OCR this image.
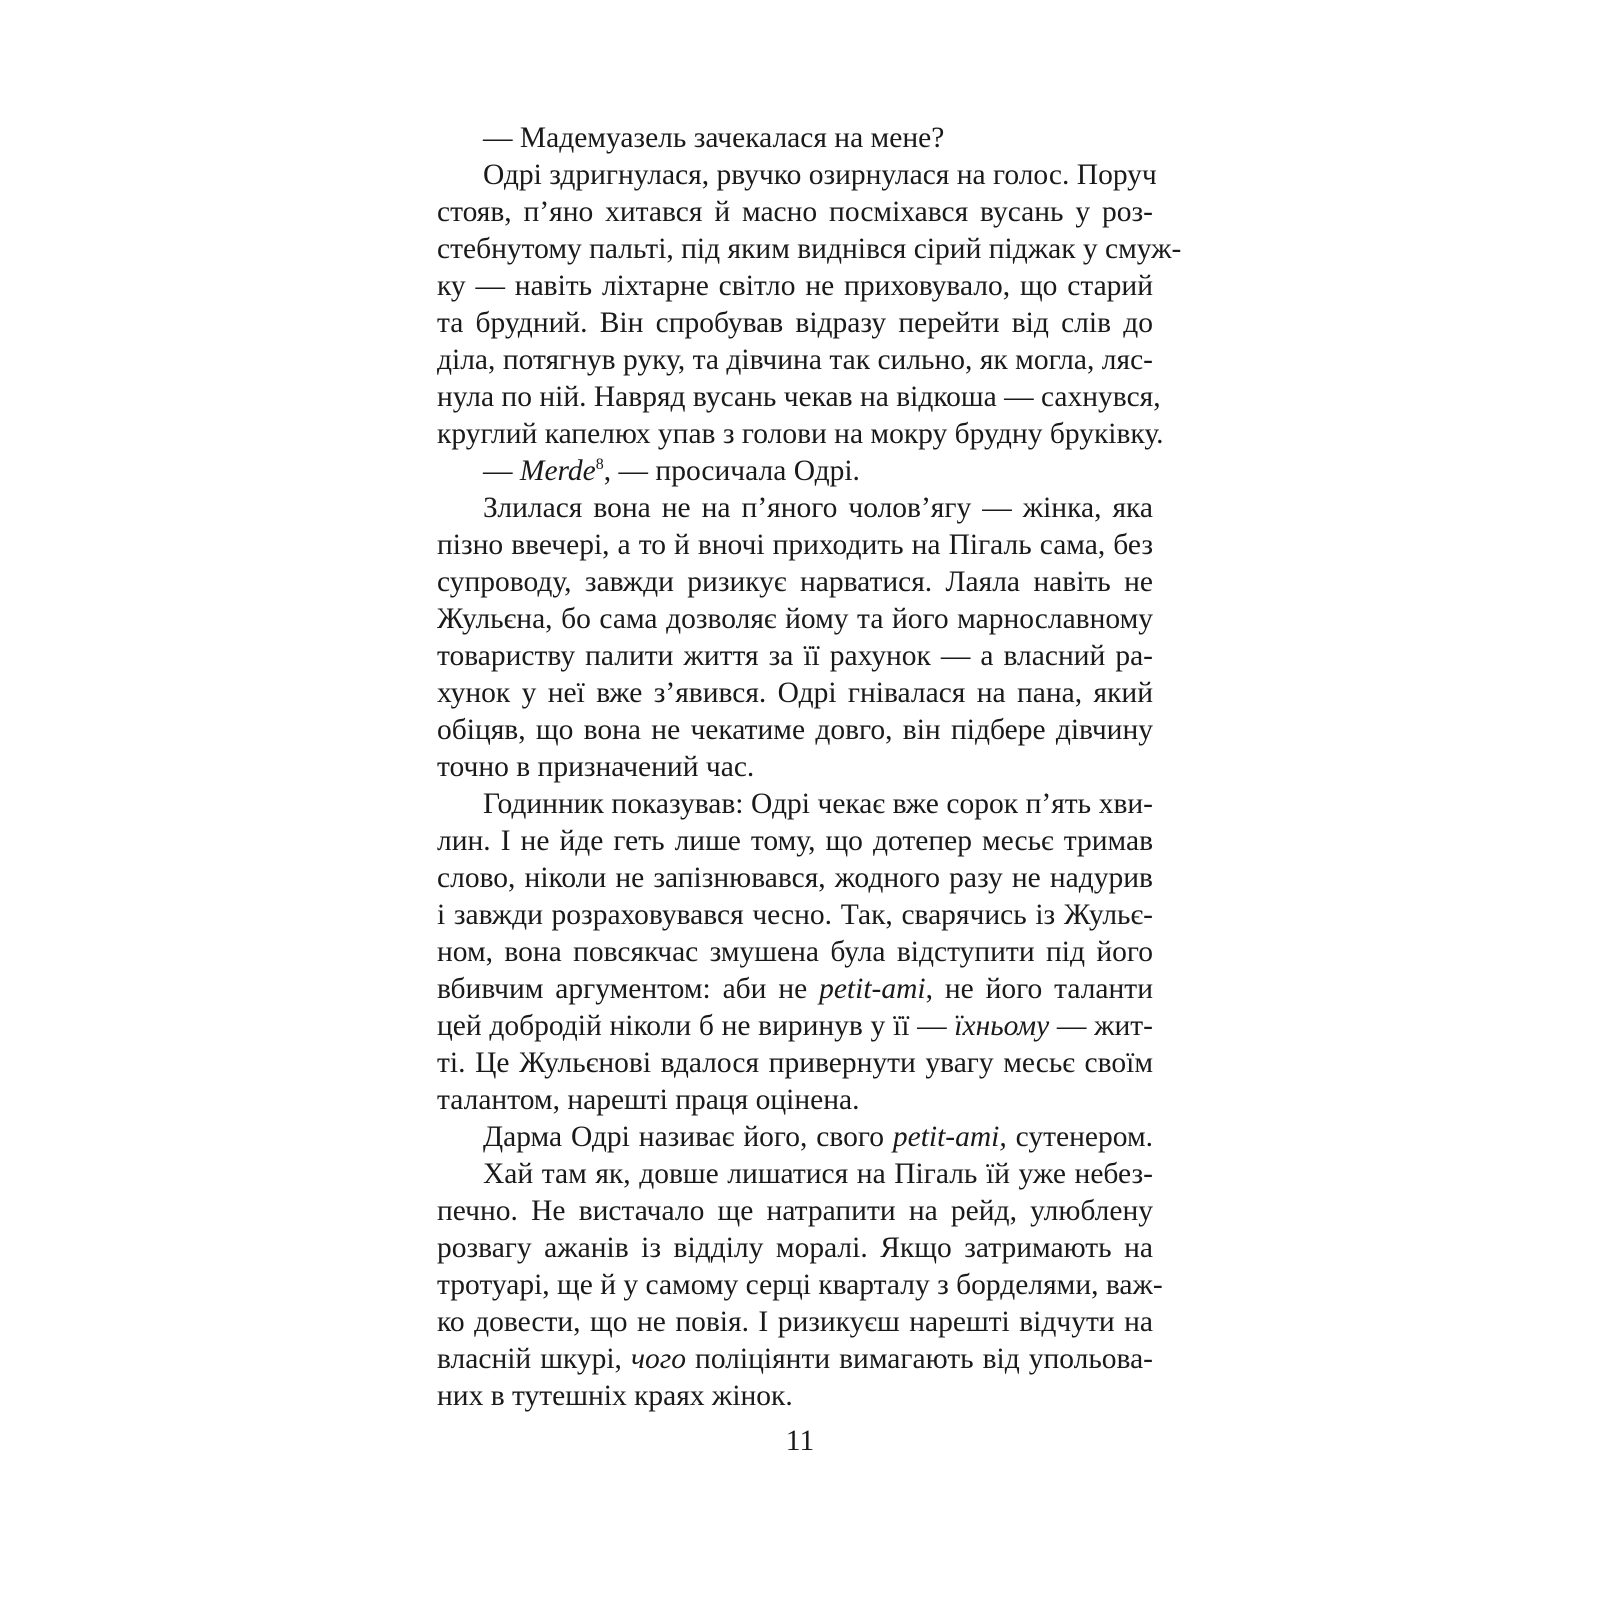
— Мадемуазель зачекалася на мене?
Одрі здригнулася, рвучко озирнулася на голос. Поруч
стояв, п’яно хитався й масно посміхався вусань у роз-
стебнутому пальті, під яким виднівся сірий піджак у смуж-
ку — навіть ліхтарне світло не приховувало, що старий
та брудний. Він спробував відразу перейти від слів до
діла, потягнув руку, та дівчина так сильно, як могла, ляс-
нула по ній. Навряд вусань чекав на відкоша — сахнувся,
круглий капелюх упав з голови на мокру брудну бруківку.
— Merde$^8$, — просичала Одрі.
Злилася вона не на п’яного чолов’ягу — жінка, яка
пізно ввечері, а то й вночі приходить на Пігаль сама, без
супроводу, завжди ризикує нарватися. Лаяла навіть не
Жульєна, бо сама дозволяє йому та його марнославному
товариству палити життя за її рахунок — а власний ра-
хунок у неї вже з’явився. Одрі гнівалася на пана, який
обіцяв, що вона не чекатиме довго, він підбере дівчину
точно в призначений час.
Годинник показував: Одрі чекає вже сорок п’ять хви-
лин. І не йде геть лише тому, що дотепер месьє тримав
слово, ніколи не запізнювався, жодного разу не надурив
і завжди розраховувався чесно. Так, сварячись із Жульє-
ном, вона повсякчас змушена була відступити під його
вбивчим аргументом: аби не petit-ami, не його таланти
цей добродій ніколи б не виринув у її — їхньому — жит-
ті. Це Жульєнові вдалося привернути увагу месьє своїм
талантом, нарешті праця оцінена.
Дарма Одрі називає його, свого petit-ami, сутенером.
Хай там як, довше лишатися на Пігаль їй уже небез-
печно. Не вистачало ще натрапити на рейд, улюблену
розвагу ажанів із відділу моралі. Якщо затримають на
тротуарі, ще й у самому серці кварталу з борделями, важ-
ко довести, що не повія. І ризикуєш нарешті відчути на
власній шкурі, чого поліціянти вимагають від упольова-
них в тутешніх краях жінок.
11
